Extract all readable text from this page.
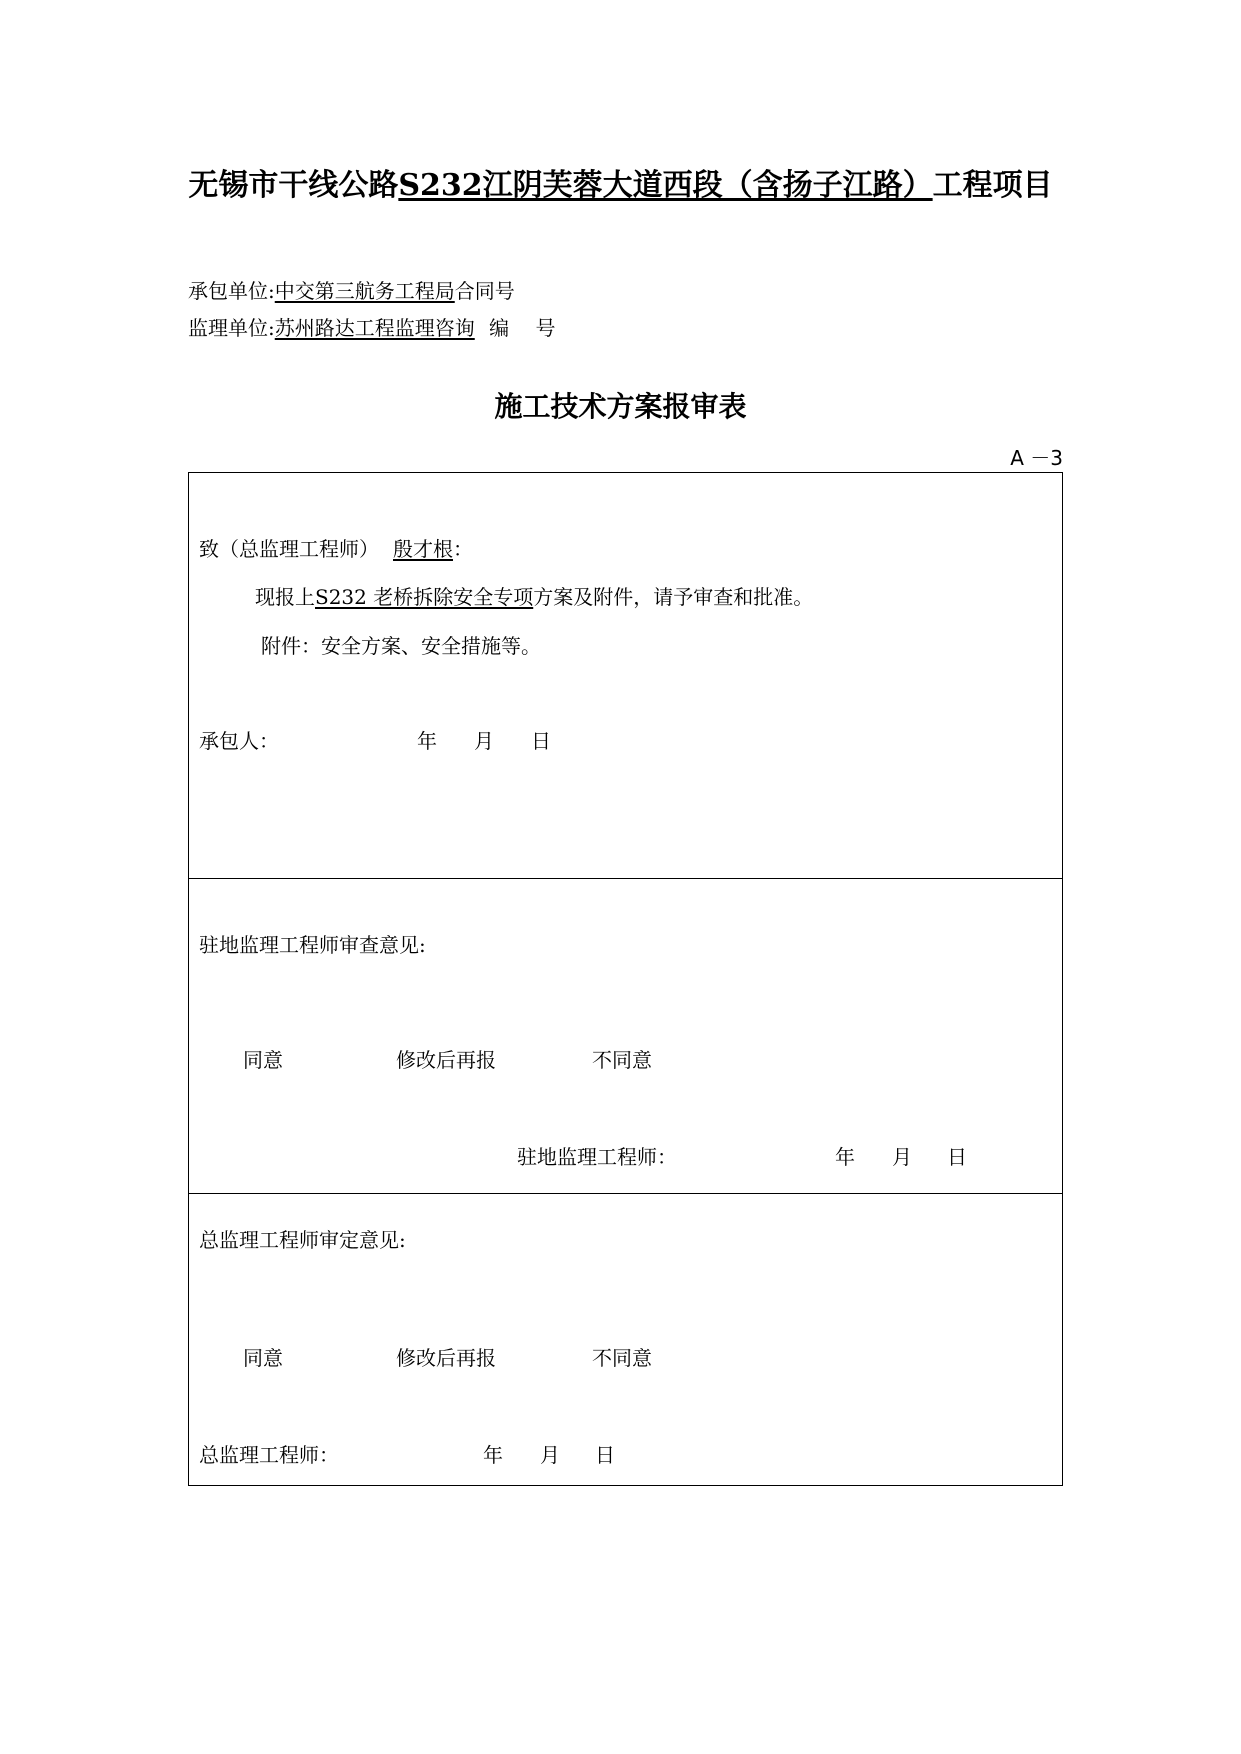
无锡市干线公路S232江阴芙蓉大道西段（含扬子江路）工程项目
承包单位:中交第三航务工程局合同号
监理单位:苏州路达工程监理咨询 编　 号
施工技术方案报审表
A －3
致（总监理工程师） 殷才根：
现报上S232 老桥拆除安全专项方案及附件，请予审查和批准。
附件：安全方案、安全措施等。
承包人：	年 月 日
驻地监理工程师审查意见:
同意	修改后再报	不同意
驻地监理工程师：	年 月 日
总监理工程师审定意见:
同意	修改后再报	不同意
总监理工程师：	年 月 日
